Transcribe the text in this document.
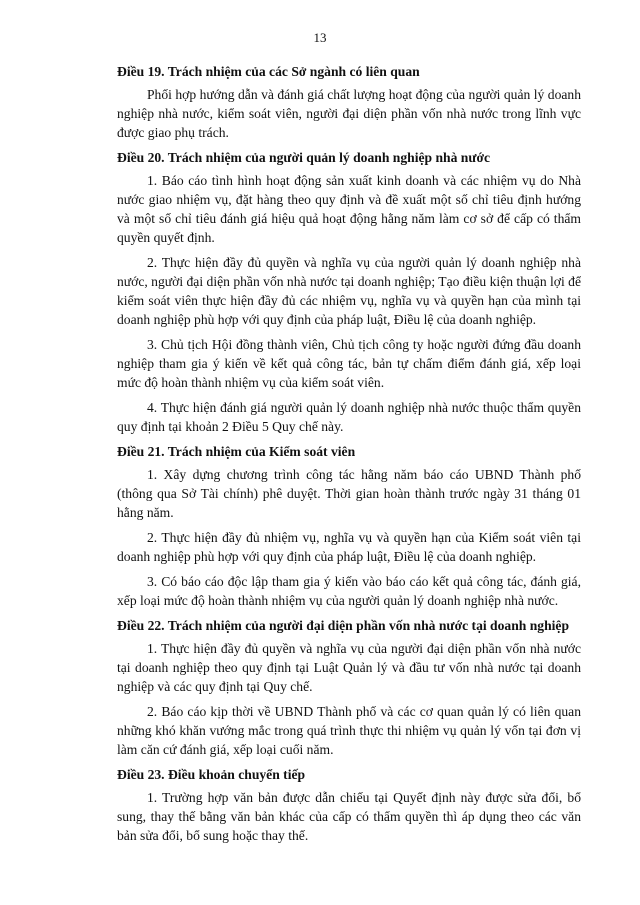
13

Điều 19. Trách nhiệm của các Sở ngành có liên quan

Phối hợp hướng dẫn và đánh giá chất lượng hoạt động của người quản lý doanh nghiệp nhà nước, kiểm soát viên, người đại diện phần vốn nhà nước trong lĩnh vực được giao phụ trách.

Điều 20. Trách nhiệm của người quản lý doanh nghiệp nhà nước

1. Báo cáo tình hình hoạt động sản xuất kinh doanh và các nhiệm vụ do Nhà nước giao nhiệm vụ, đặt hàng theo quy định và đề xuất một số chỉ tiêu định hướng và một số chỉ tiêu đánh giá hiệu quả hoạt động hằng năm làm cơ sở để cấp có thẩm quyền quyết định.

2. Thực hiện đầy đủ quyền và nghĩa vụ của người quản lý doanh nghiệp nhà nước, người đại diện phần vốn nhà nước tại doanh nghiệp; Tạo điều kiện thuận lợi để kiểm soát viên thực hiện đầy đủ các nhiệm vụ, nghĩa vụ và quyền hạn của mình tại doanh nghiệp phù hợp với quy định của pháp luật, Điều lệ của doanh nghiệp.

3. Chủ tịch Hội đồng thành viên, Chủ tịch công ty hoặc người đứng đầu doanh nghiệp tham gia ý kiến về kết quả công tác, bản tự chấm điểm đánh giá, xếp loại mức độ hoàn thành nhiệm vụ của kiểm soát viên.

4. Thực hiện đánh giá người quản lý doanh nghiệp nhà nước thuộc thẩm quyền quy định tại khoản 2 Điều 5 Quy chế này.

Điều 21. Trách nhiệm của Kiểm soát viên

1. Xây dựng chương trình công tác hằng năm báo cáo UBND Thành phố (thông qua Sở Tài chính) phê duyệt. Thời gian hoàn thành trước ngày 31 tháng 01 hằng năm.

2. Thực hiện đầy đủ nhiệm vụ, nghĩa vụ và quyền hạn của Kiểm soát viên tại doanh nghiệp phù hợp với quy định của pháp luật, Điều lệ của doanh nghiệp.

3. Có báo cáo độc lập tham gia ý kiến vào báo cáo kết quả công tác, đánh giá, xếp loại mức độ hoàn thành nhiệm vụ của người quản lý doanh nghiệp nhà nước.

Điều 22. Trách nhiệm của người đại diện phần vốn nhà nước tại doanh nghiệp

1. Thực hiện đầy đủ quyền và nghĩa vụ của người đại diện phần vốn nhà nước tại doanh nghiệp theo quy định tại Luật Quản lý và đầu tư vốn nhà nước tại doanh nghiệp và các quy định tại Quy chế.

2. Báo cáo kịp thời về UBND Thành phố và các cơ quan quản lý có liên quan những khó khăn vướng mắc trong quá trình thực thi nhiệm vụ quản lý vốn tại đơn vị làm căn cứ đánh giá, xếp loại cuối năm.

Điều 23. Điều khoản chuyển tiếp

1. Trường hợp văn bản được dẫn chiếu tại Quyết định này được sửa đổi, bổ sung, thay thế bằng văn bản khác của cấp có thẩm quyền thì áp dụng theo các văn bản sửa đổi, bổ sung hoặc thay thế.
